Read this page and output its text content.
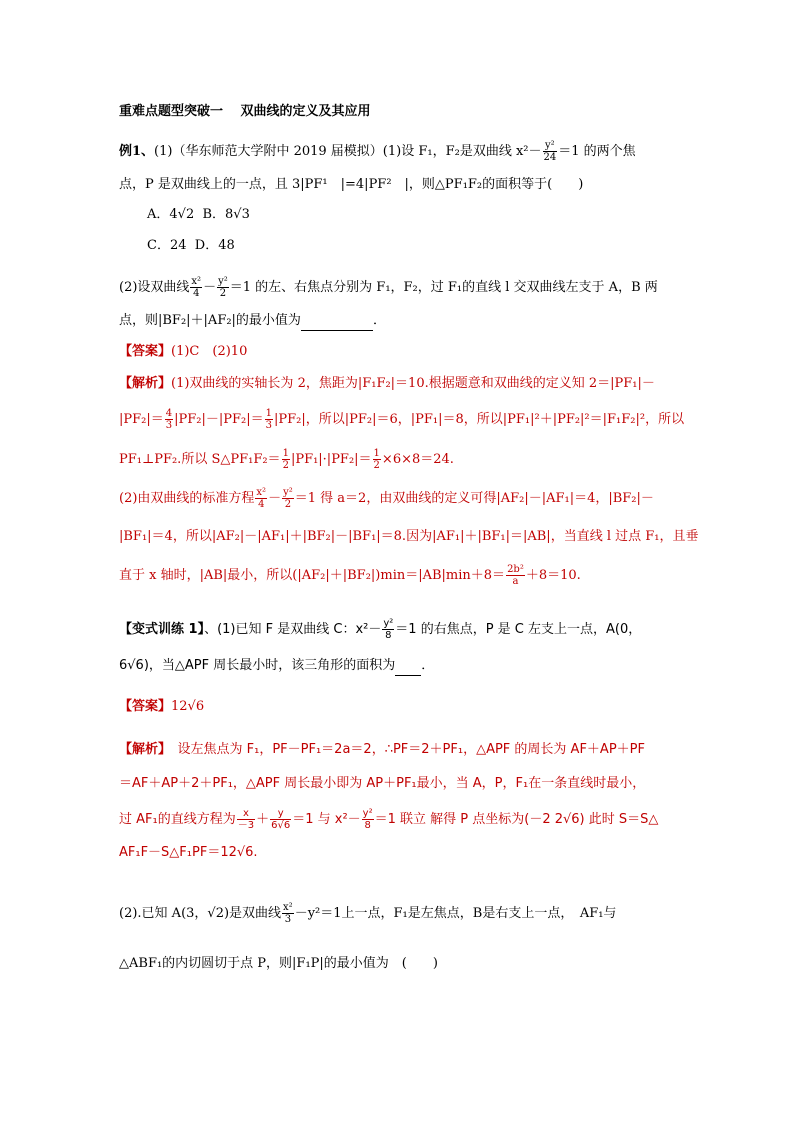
重难点题型突破一　 双曲线的定义及其应用
例1、(1)（华东师范大学附中 2019 届模拟）(1)设 F₁，F₂是双曲线 $x^2- \frac{\text{y²}}{24} =1$ 的两个焦
点，P 是双曲线上的一点，且 3|PF¹　|=4|PF²　|，则△PF₁F₂的面积等于(　　)
A．4√2 B．8√3
C．24 D．48
(2)设双曲线 $\frac{\text{x²}}{4} - \frac{\text{y²}}{2} =1$ 的左、右焦点分别为 F₁，F₂，过 F₁的直线 l 交双曲线左支于 A，B 两
点，则|BF₂|＋|AF₂|的最小值为	．
【答案】(1)C　(2)10
【解析】(1)双曲线的实轴长为 2，焦距为|F₁F₂|＝10.根据题意和双曲线的定义知 2＝|PF₁|－
$|PF_2|= \frac{4}{3} |PF_2|-|PF_2|= \frac{1}{3} |PF_2|$，所以|PF₂|＝6，|PF₁|＝8，所以|PF₁|²＋|PF₂|²＝|F₁F₂|²，所以
PF₁⊥PF₂.所以 S△PF₁F₂＝ $\frac{1}{2} |PF_1|\cdot|PF_2|= \frac{1}{2} \times 6\times 8=24$.
(2)由双曲线的标准方程 $\frac{\text{x²}}{4} - \frac{\text{y²}}{2} =1$ 得 a＝2，由双曲线的定义可得|AF₂|－|AF₁|＝4，|BF₂|－
|BF₁|＝4，所以|AF₂|－|AF₁|＋|BF₂|－|BF₁|＝8.因为|AF₁|＋|BF₁|＝|AB|，当直线 l 过点 F₁，且垂
直于 x 轴时，|AB|最小，所以$(|AF_2|+|BF_2|)\min=|AB|\min+8= \frac{\text{2b²}}{a} +8=10$.
【变式训练 1】、(1)已知 F 是双曲线 C：$x^2- \frac{\text{y²}}{8} =1$ 的右焦点，P 是 C 左支上一点，A(0，
6√6)，当△APF 周长最小时，该三角形的面积为 ．
【答案】12√6
【解析】　设左焦点为 F₁，PF－PF₁＝2a＝2，∴PF＝2＋PF₁，△APF 的周长为 AF＋AP＋PF
＝AF＋AP＋2＋PF₁，△APF 周长最小即为 AP＋PF₁最小，当 A，P，F₁在一条直线时最小，
过 AF₁的直线方程为 $\frac{x}{-3} + \frac{y}{6√6} =1$ 与 $x^2- \frac{\text{y²}}{8} =1$ 联立 解得 P 点坐标为(－2 2√6) 此时 S＝S△
AF₁F－S△F₁PF＝12√6.
(2).已知 A(3，√2)是双曲线 $\frac{\text{x²}}{3} -y^2=1$上一点，F₁是左焦点，B是右支上一点，　AF₁与
△ABF₁的内切圆切于点 P，则|F₁P|的最小值为　(　　)
